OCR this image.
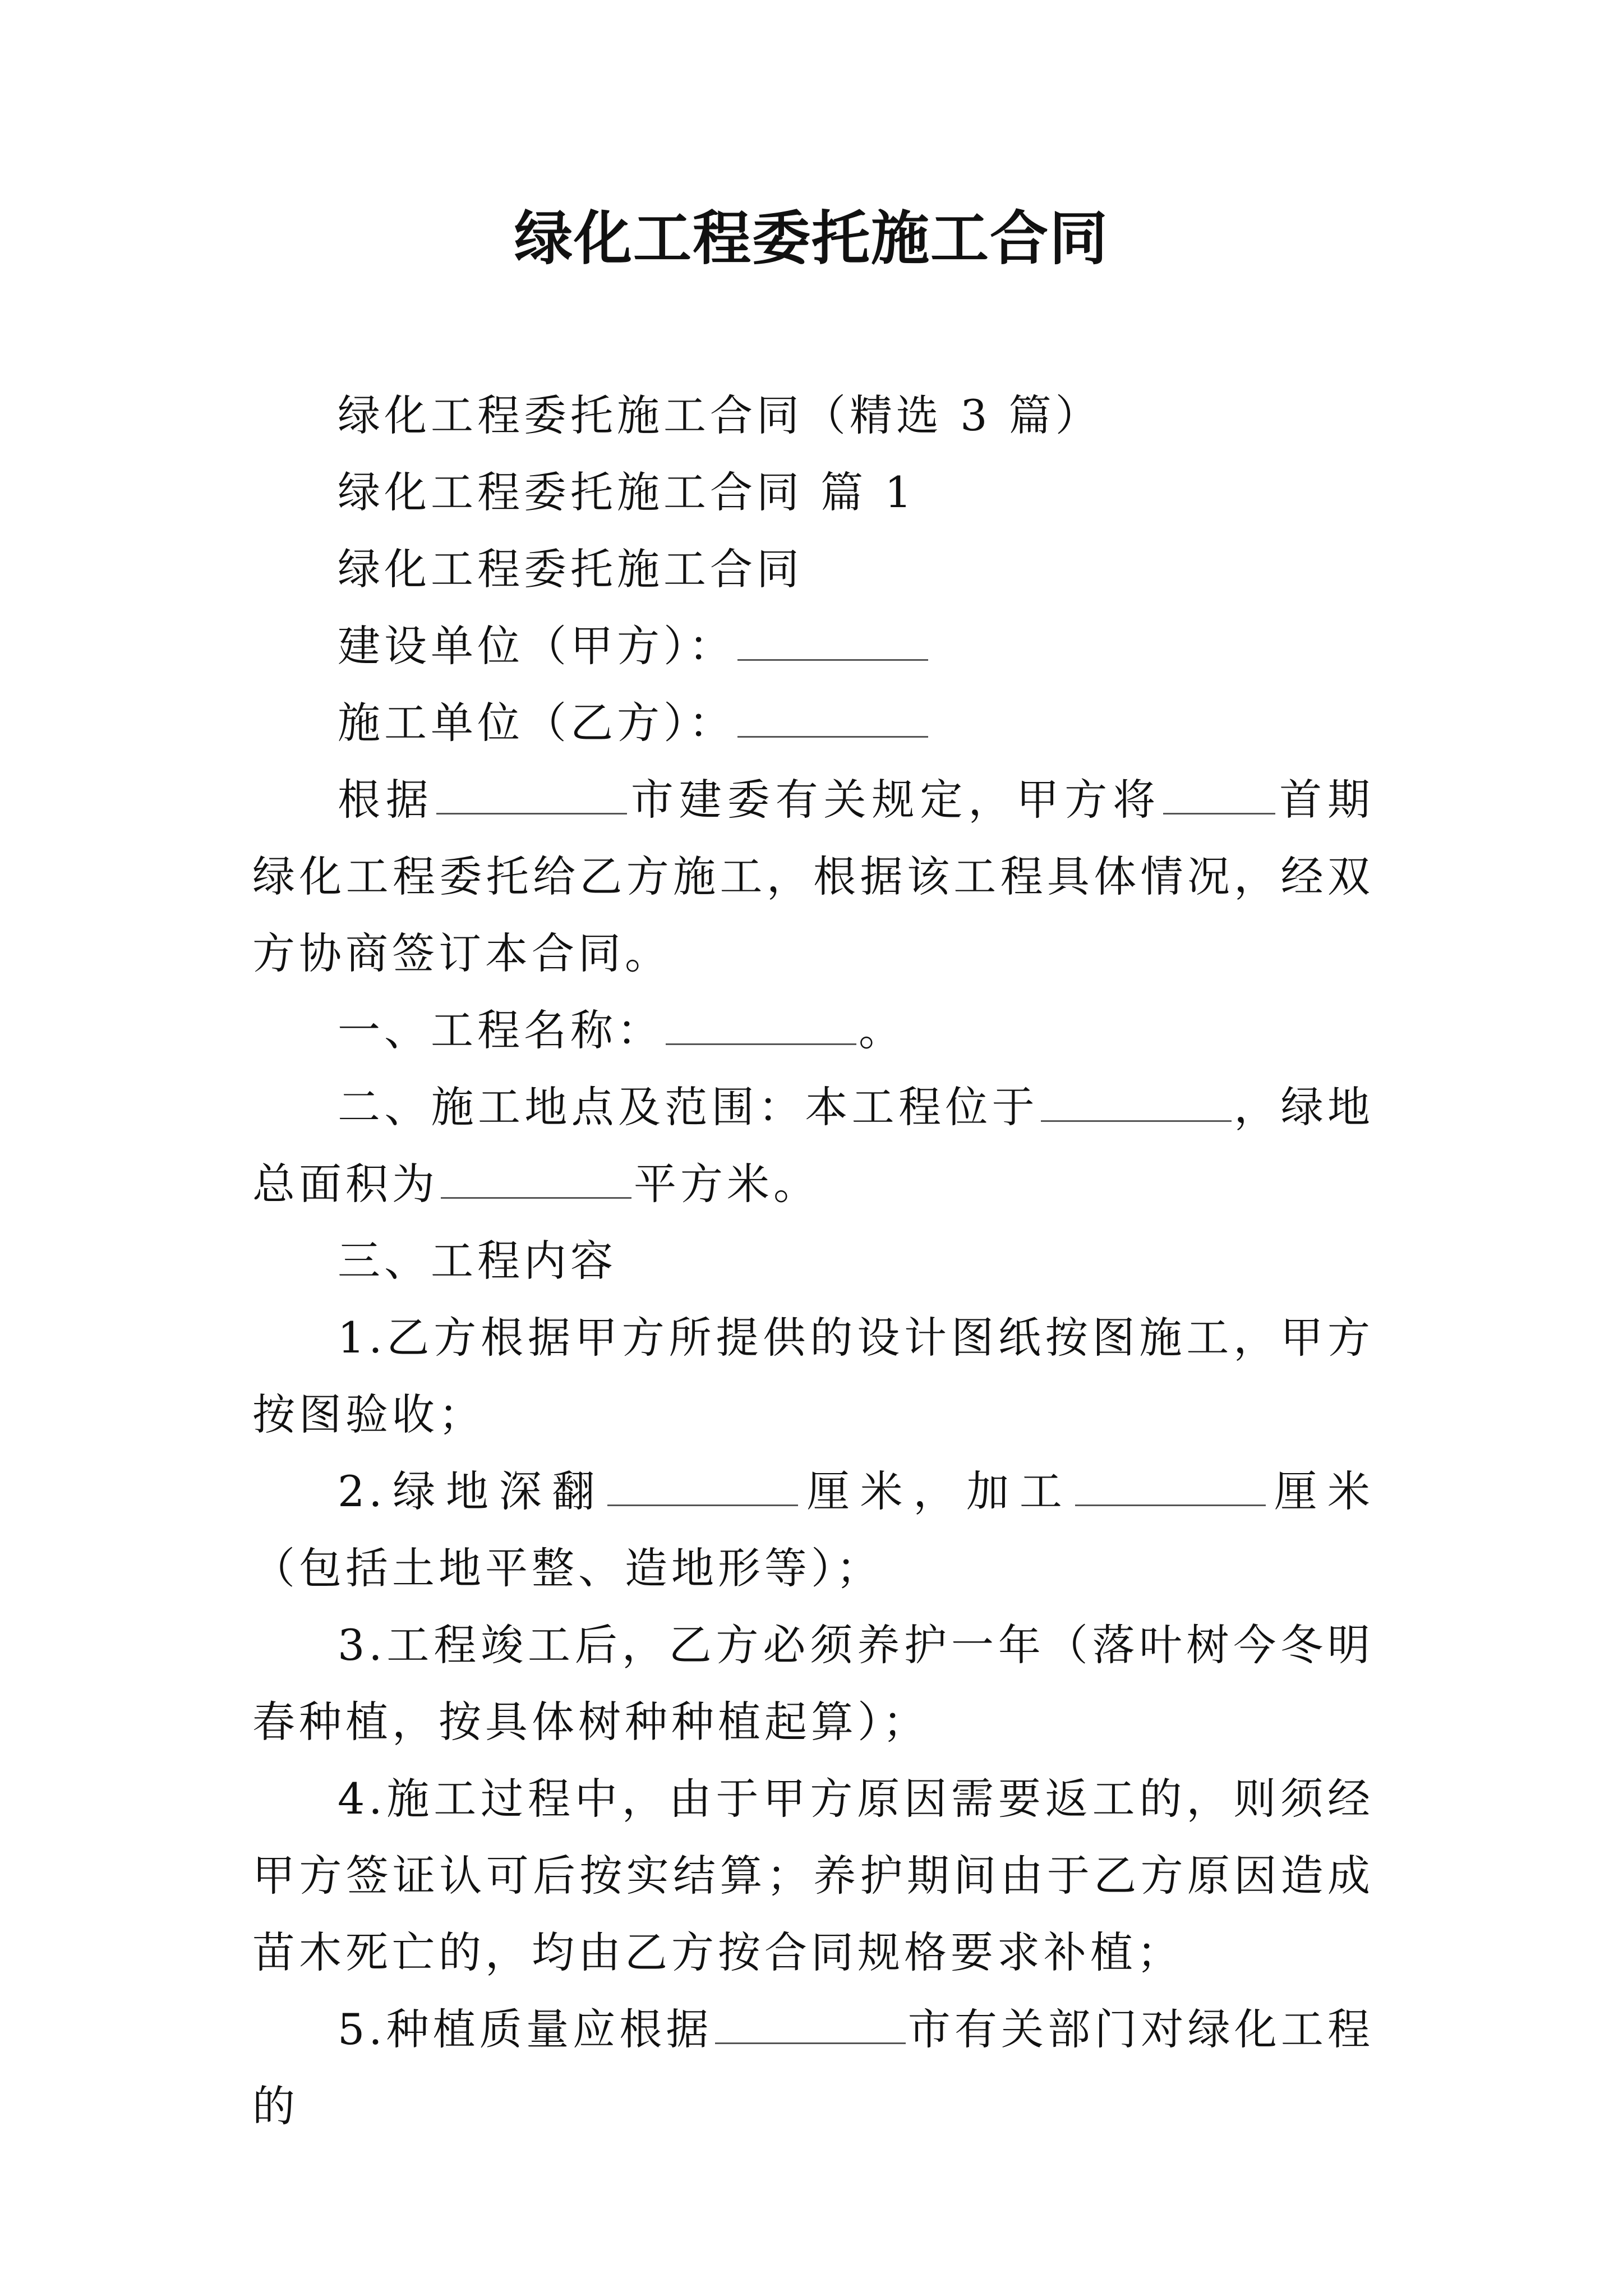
绿化工程委托施工合同

绿化工程委托施工合同（精选 3 篇）

绿化工程委托施工合同 篇 1

绿化工程委托施工合同

建设单位（甲方）：

施工单位（乙方）：

根据	市建委有关规定，甲方将	首期绿化工程委托给乙方施工，根据该工程具体情况，经双方协商签订本合同。

一、工程名称：	。

二、施工地点及范围：本工程位于	，绿地总面积为	平方米。

三、工程内容

1.乙方根据甲方所提供的设计图纸按图施工，甲方按图验收；

2.绿地深翻	厘米，加工	厘米（包括土地平整、造地形等）；

3.工程竣工后，乙方必须养护一年（落叶树今冬明春种植，按具体树种种植起算）；

4.施工过程中，由于甲方原因需要返工的，则须经甲方签证认可后按实结算；养护期间由于乙方原因造成苗木死亡的，均由乙方按合同规格要求补植；

5.种植质量应根据	市有关部门对绿化工程的
